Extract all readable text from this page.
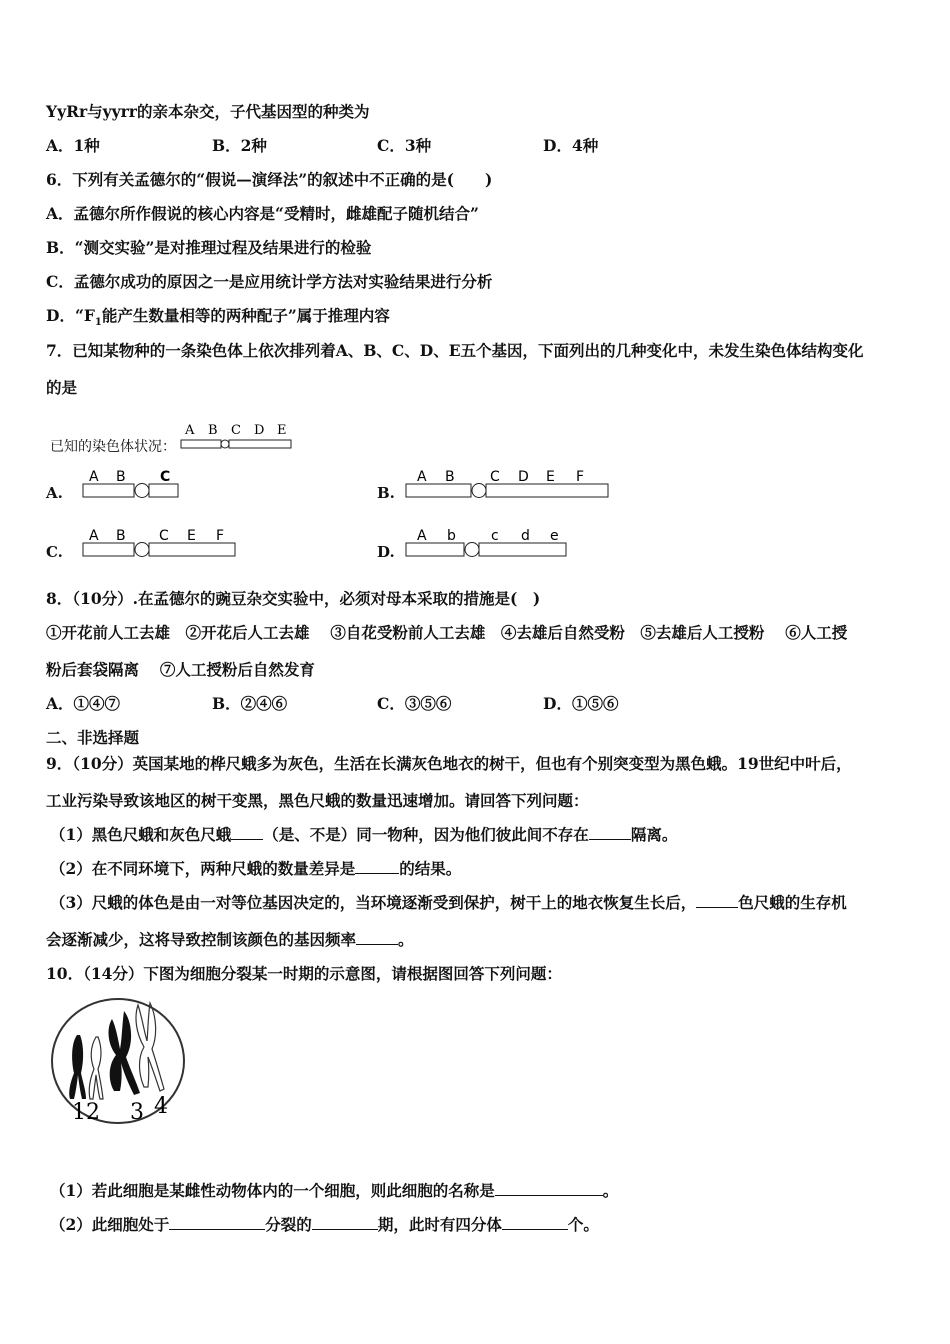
YyRr与yyrr的亲本杂交，子代基因型的种类为
A．1种	B．2种	C．3种	D．4种
6．下列有关孟德尔的“假说—演绎法”的叙述中不正确的是(　　)
A．孟德尔所作假说的核心内容是“受精时，雌雄配子随机结合”
B．“测交实验”是对推理过程及结果进行的检验
C．孟德尔成功的原因之一是应用统计学方法对实验结果进行分析
D．“$F_1$能产生数量相等的两种配子”属于推理内容
7．已知某物种的一条染色体上依次排列着A、B、C、D、E五个基因，下面列出的几种变化中，未发生染色体结构变化
的是
已知的染色体状况：
A B C D E
A.
A B C
B.
A B	C D E F
C.
A B C E F
D.
A b	c d e
8．（10分）.在孟德尔的豌豆杂交实验中，必须对母本采取的措施是(　)
①开花前人工去雄　②开花后人工去雄　 ③自花受粉前人工去雄　④去雄后自然受粉　⑤去雄后人工授粉　 ⑥人工授
粉后套袋隔离　 ⑦人工授粉后自然发育
A．①④⑦	B．②④⑥	C．③⑤⑥	D．①⑤⑥
二、非选择题
9．（10分）英国某地的桦尺蛾多为灰色，生活在长满灰色地衣的树干，但也有个别突变型为黑色蛾。19世纪中叶后，
工业污染导致该地区的树干变黑，黑色尺蛾的数量迅速增加。请回答下列问题：
（1）黑色尺蛾和灰色尺蛾 （是、不是）同一物种，因为他们彼此间不存在	隔离。
（2）在不同环境下，两种尺蛾的数量差异是	的结果。
（3）尺蛾的体色是由一对等位基因决定的，当环境逐渐受到保护，树干上的地衣恢复生长后，	色尺蛾的生存机
会逐渐减少，这将导致控制该颜色的基因频率	。
10．（14分）下图为细胞分裂某一时期的示意图，请根据图回答下列问题：
1 2 3 4
（1）若此细胞是某雌性动物体内的一个细胞，则此细胞的名称是	。
（2）此细胞处于	分裂的	期，此时有四分体	个。
